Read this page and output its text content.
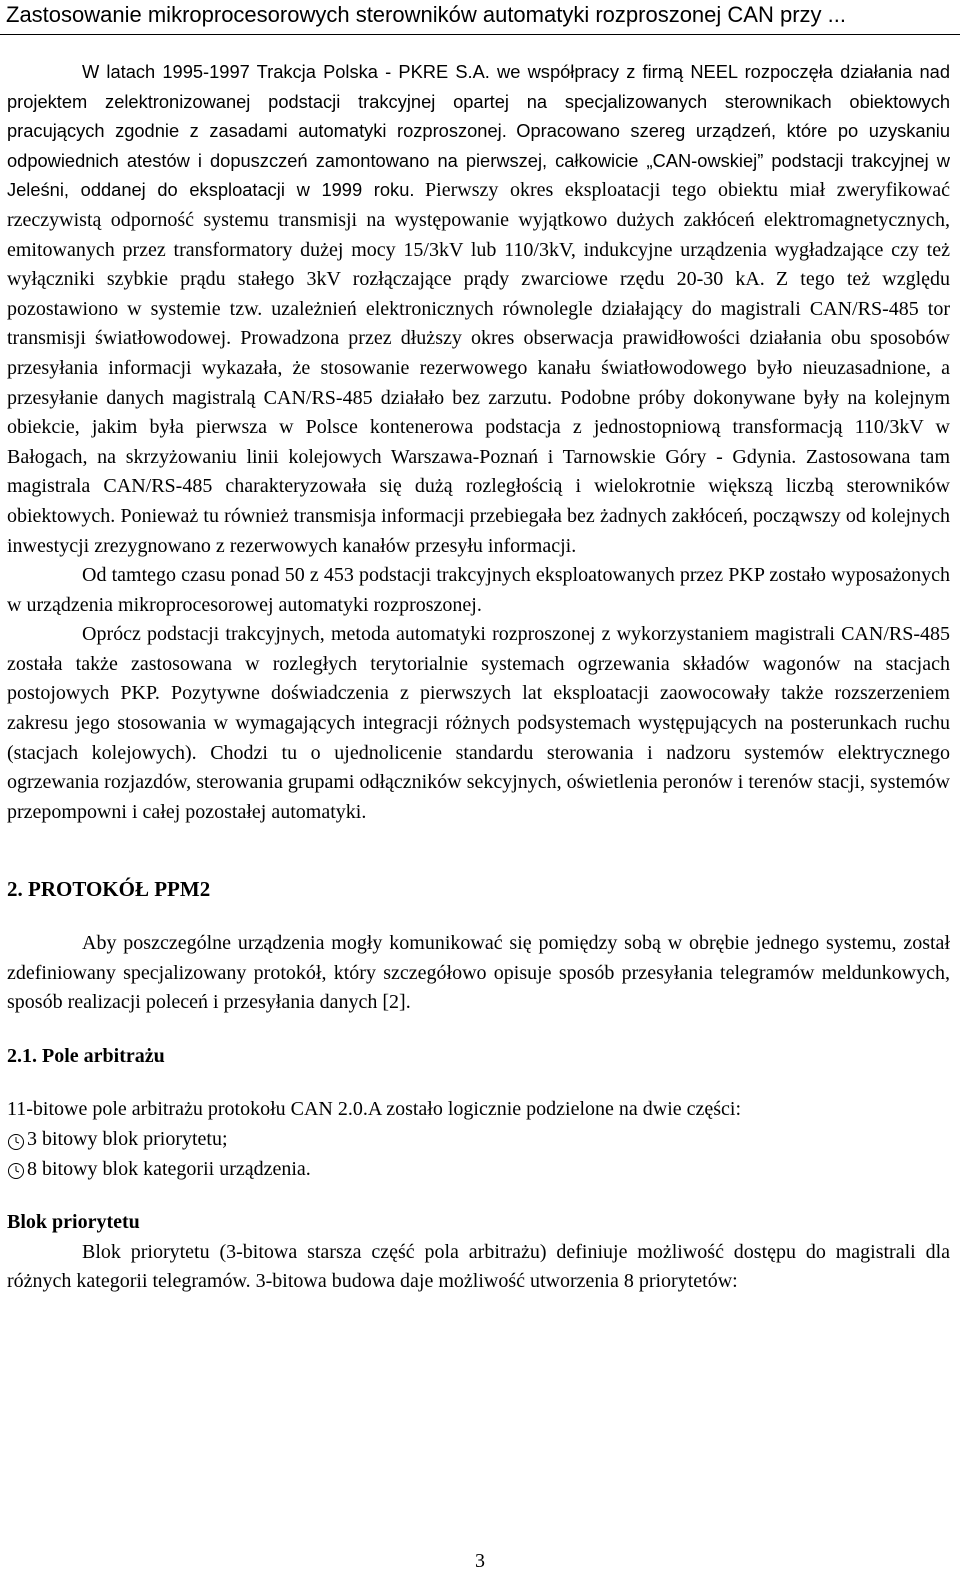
Zastosowanie mikroprocesorowych sterowników automatyki rozproszonej CAN przy ...

W latach 1995-1997 Trakcja Polska - PKRE S.A. we współpracy z firmą NEEL rozpoczęła działania nad projektem zelektronizowanej podstacji trakcyjnej opartej na specjalizowanych sterownikach obiektowych pracujących zgodnie z zasadami automatyki rozproszonej. Opracowano szereg urządzeń, które po uzyskaniu odpowiednich atestów i dopuszczeń zamontowano na pierwszej, całkowicie „CAN-owskiej” podstacji trakcyjnej w Jeleśni, oddanej do eksploatacji w 1999 roku. Pierwszy okres eksploatacji tego obiektu miał zweryfikować rzeczywistą odporność systemu transmisji na występowanie wyjątkowo dużych zakłóceń elektromagnetycznych, emitowanych przez transformatory dużej mocy 15/3kV lub 110/3kV, indukcyjne urządzenia wygładzające czy też wyłączniki szybkie prądu stałego 3kV rozłączające prądy zwarciowe rzędu 20-30 kA. Z tego też względu pozostawiono w systemie tzw. uzależnień elektronicznych równolegle działający do magistrali CAN/RS-485 tor transmisji światłowodowej. Prowadzona przez dłuższy okres obserwacja prawidłowości działania obu sposobów przesyłania informacji wykazała, że stosowanie rezerwowego kanału światłowodowego było nieuzasadnione, a przesyłanie danych magistralą CAN/RS-485 działało bez zarzutu. Podobne próby dokonywane były na kolejnym obiekcie, jakim była pierwsza w Polsce kontenerowa podstacja z jednostopniową transformacją 110/3kV w Bałogach, na skrzyżowaniu linii kolejowych Warszawa-Poznań i Tarnowskie Góry - Gdynia. Zastosowana tam magistrala CAN/RS-485 charakteryzowała się dużą rozległością i wielokrotnie większą liczbą sterowników obiektowych. Ponieważ tu również transmisja informacji przebiegała bez żadnych zakłóceń, począwszy od kolejnych inwestycji zrezygnowano z rezerwowych kanałów przesyłu informacji.

Od tamtego czasu ponad 50 z 453 podstacji trakcyjnych eksploatowanych przez PKP zostało wyposażonych w urządzenia mikroprocesorowej automatyki rozproszonej.

Oprócz podstacji trakcyjnych, metoda automatyki rozproszonej z wykorzystaniem magistrali CAN/RS-485 została także zastosowana w rozległych terytorialnie systemach ogrzewania składów wagonów na stacjach postojowych PKP. Pozytywne doświadczenia z pierwszych lat eksploatacji zaowocowały także rozszerzeniem zakresu jego stosowania w wymagających integracji różnych podsystemach występujących na posterunkach ruchu (stacjach kolejowych). Chodzi tu o ujednolicenie standardu sterowania i nadzoru systemów elektrycznego ogrzewania rozjazdów, sterowania grupami odłączników sekcyjnych, oświetlenia peronów i terenów stacji, systemów przepompowni i całej pozostałej automatyki.

2. PROTOKÓŁ PPM2

Aby poszczególne urządzenia mogły komunikować się pomiędzy sobą w obrębie jednego systemu, został zdefiniowany specjalizowany protokół, który szczegółowo opisuje sposób przesyłania telegramów meldunkowych, sposób realizacji poleceń i przesyłania danych [2].

2.1. Pole arbitrażu

11-bitowe pole arbitrażu protokołu CAN 2.0.A zostało logicznie podzielone na dwie części:

3 bitowy blok priorytetu;
8 bitowy blok kategorii urządzenia.
Blok priorytetu

Blok priorytetu (3-bitowa starsza część pola arbitrażu) definiuje możliwość dostępu do magistrali dla różnych kategorii telegramów. 3-bitowa budowa daje możliwość utworzenia 8 priorytetów:

3
